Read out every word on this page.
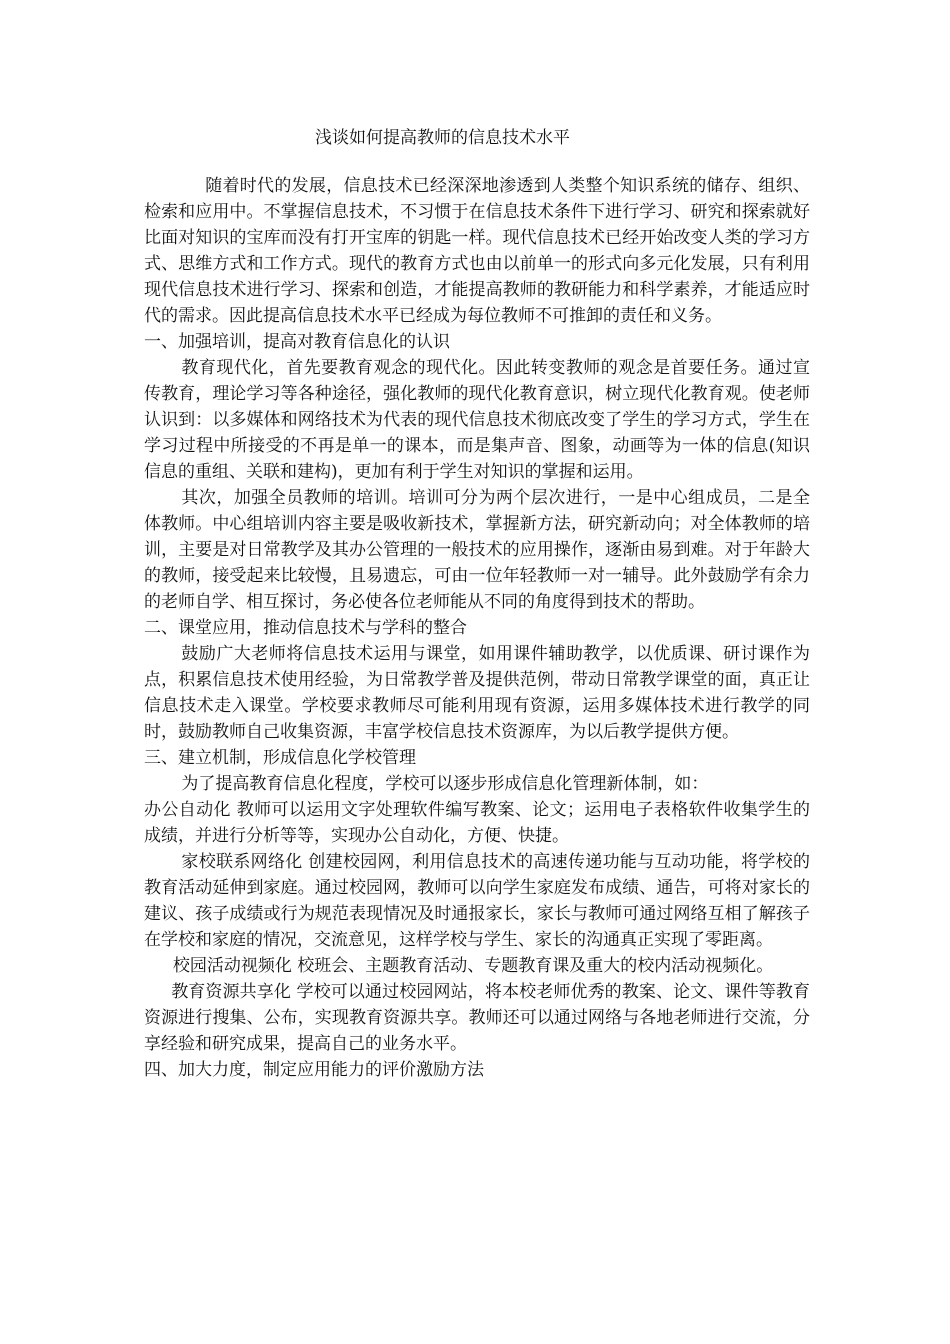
浅谈如何提高教师的信息技术水平

随着时代的发展，信息技术已经深深地渗透到人类整个知识系统的储存、组织、检索和应用中。不掌握信息技术，不习惯于在信息技术条件下进行学习、研究和探索就好比面对知识的宝库而没有打开宝库的钥匙一样。现代信息技术已经开始改变人类的学习方式、思维方式和工作方式。现代的教育方式也由以前单一的形式向多元化发展，只有利用现代信息技术进行学习、探索和创造，才能提高教师的教研能力和科学素养，才能适应时代的需求。因此提高信息技术水平已经成为每位教师不可推卸的责任和义务。

一、加强培训，提高对教育信息化的认识

教育现代化，首先要教育观念的现代化。因此转变教师的观念是首要任务。通过宣传教育，理论学习等各种途径，强化教师的现代化教育意识，树立现代化教育观。使老师认识到：以多媒体和网络技术为代表的现代信息技术彻底改变了学生的学习方式，学生在学习过程中所接受的不再是单一的课本，而是集声音、图象，动画等为一体的信息(知识信息的重组、关联和建构)，更加有利于学生对知识的掌握和运用。

其次，加强全员教师的培训。培训可分为两个层次进行，一是中心组成员，二是全体教师。中心组培训内容主要是吸收新技术，掌握新方法，研究新动向；对全体教师的培训，主要是对日常教学及其办公管理的一般技术的应用操作，逐渐由易到难。对于年龄大的教师，接受起来比较慢，且易遗忘，可由一位年轻教师一对一辅导。此外鼓励学有余力的老师自学、相互探讨，务必使各位老师能从不同的角度得到技术的帮助。

二、课堂应用，推动信息技术与学科的整合

鼓励广大老师将信息技术运用与课堂，如用课件辅助教学，以优质课、研讨课作为点，积累信息技术使用经验，为日常教学普及提供范例，带动日常教学课堂的面，真正让信息技术走入课堂。学校要求教师尽可能利用现有资源，运用多媒体技术进行教学的同时，鼓励教师自己收集资源，丰富学校信息技术资源库，为以后教学提供方便。

三、建立机制，形成信息化学校管理

为了提高教育信息化程度，学校可以逐步形成信息化管理新体制，如：

办公自动化 教师可以运用文字处理软件编写教案、论文；运用电子表格软件收集学生的成绩，并进行分析等等，实现办公自动化，方便、快捷。

家校联系网络化 创建校园网，利用信息技术的高速传递功能与互动功能，将学校的教育活动延伸到家庭。通过校园网，教师可以向学生家庭发布成绩、通告，可将对家长的建议、孩子成绩或行为规范表现情况及时通报家长，家长与教师可通过网络互相了解孩子在学校和家庭的情况，交流意见，这样学校与学生、家长的沟通真正实现了零距离。

校园活动视频化 校班会、主题教育活动、专题教育课及重大的校内活动视频化。

教育资源共享化 学校可以通过校园网站，将本校老师优秀的教案、论文、课件等教育资源进行搜集、公布，实现教育资源共享。教师还可以通过网络与各地老师进行交流，分享经验和研究成果，提高自己的业务水平。

四、加大力度，制定应用能力的评价激励方法
